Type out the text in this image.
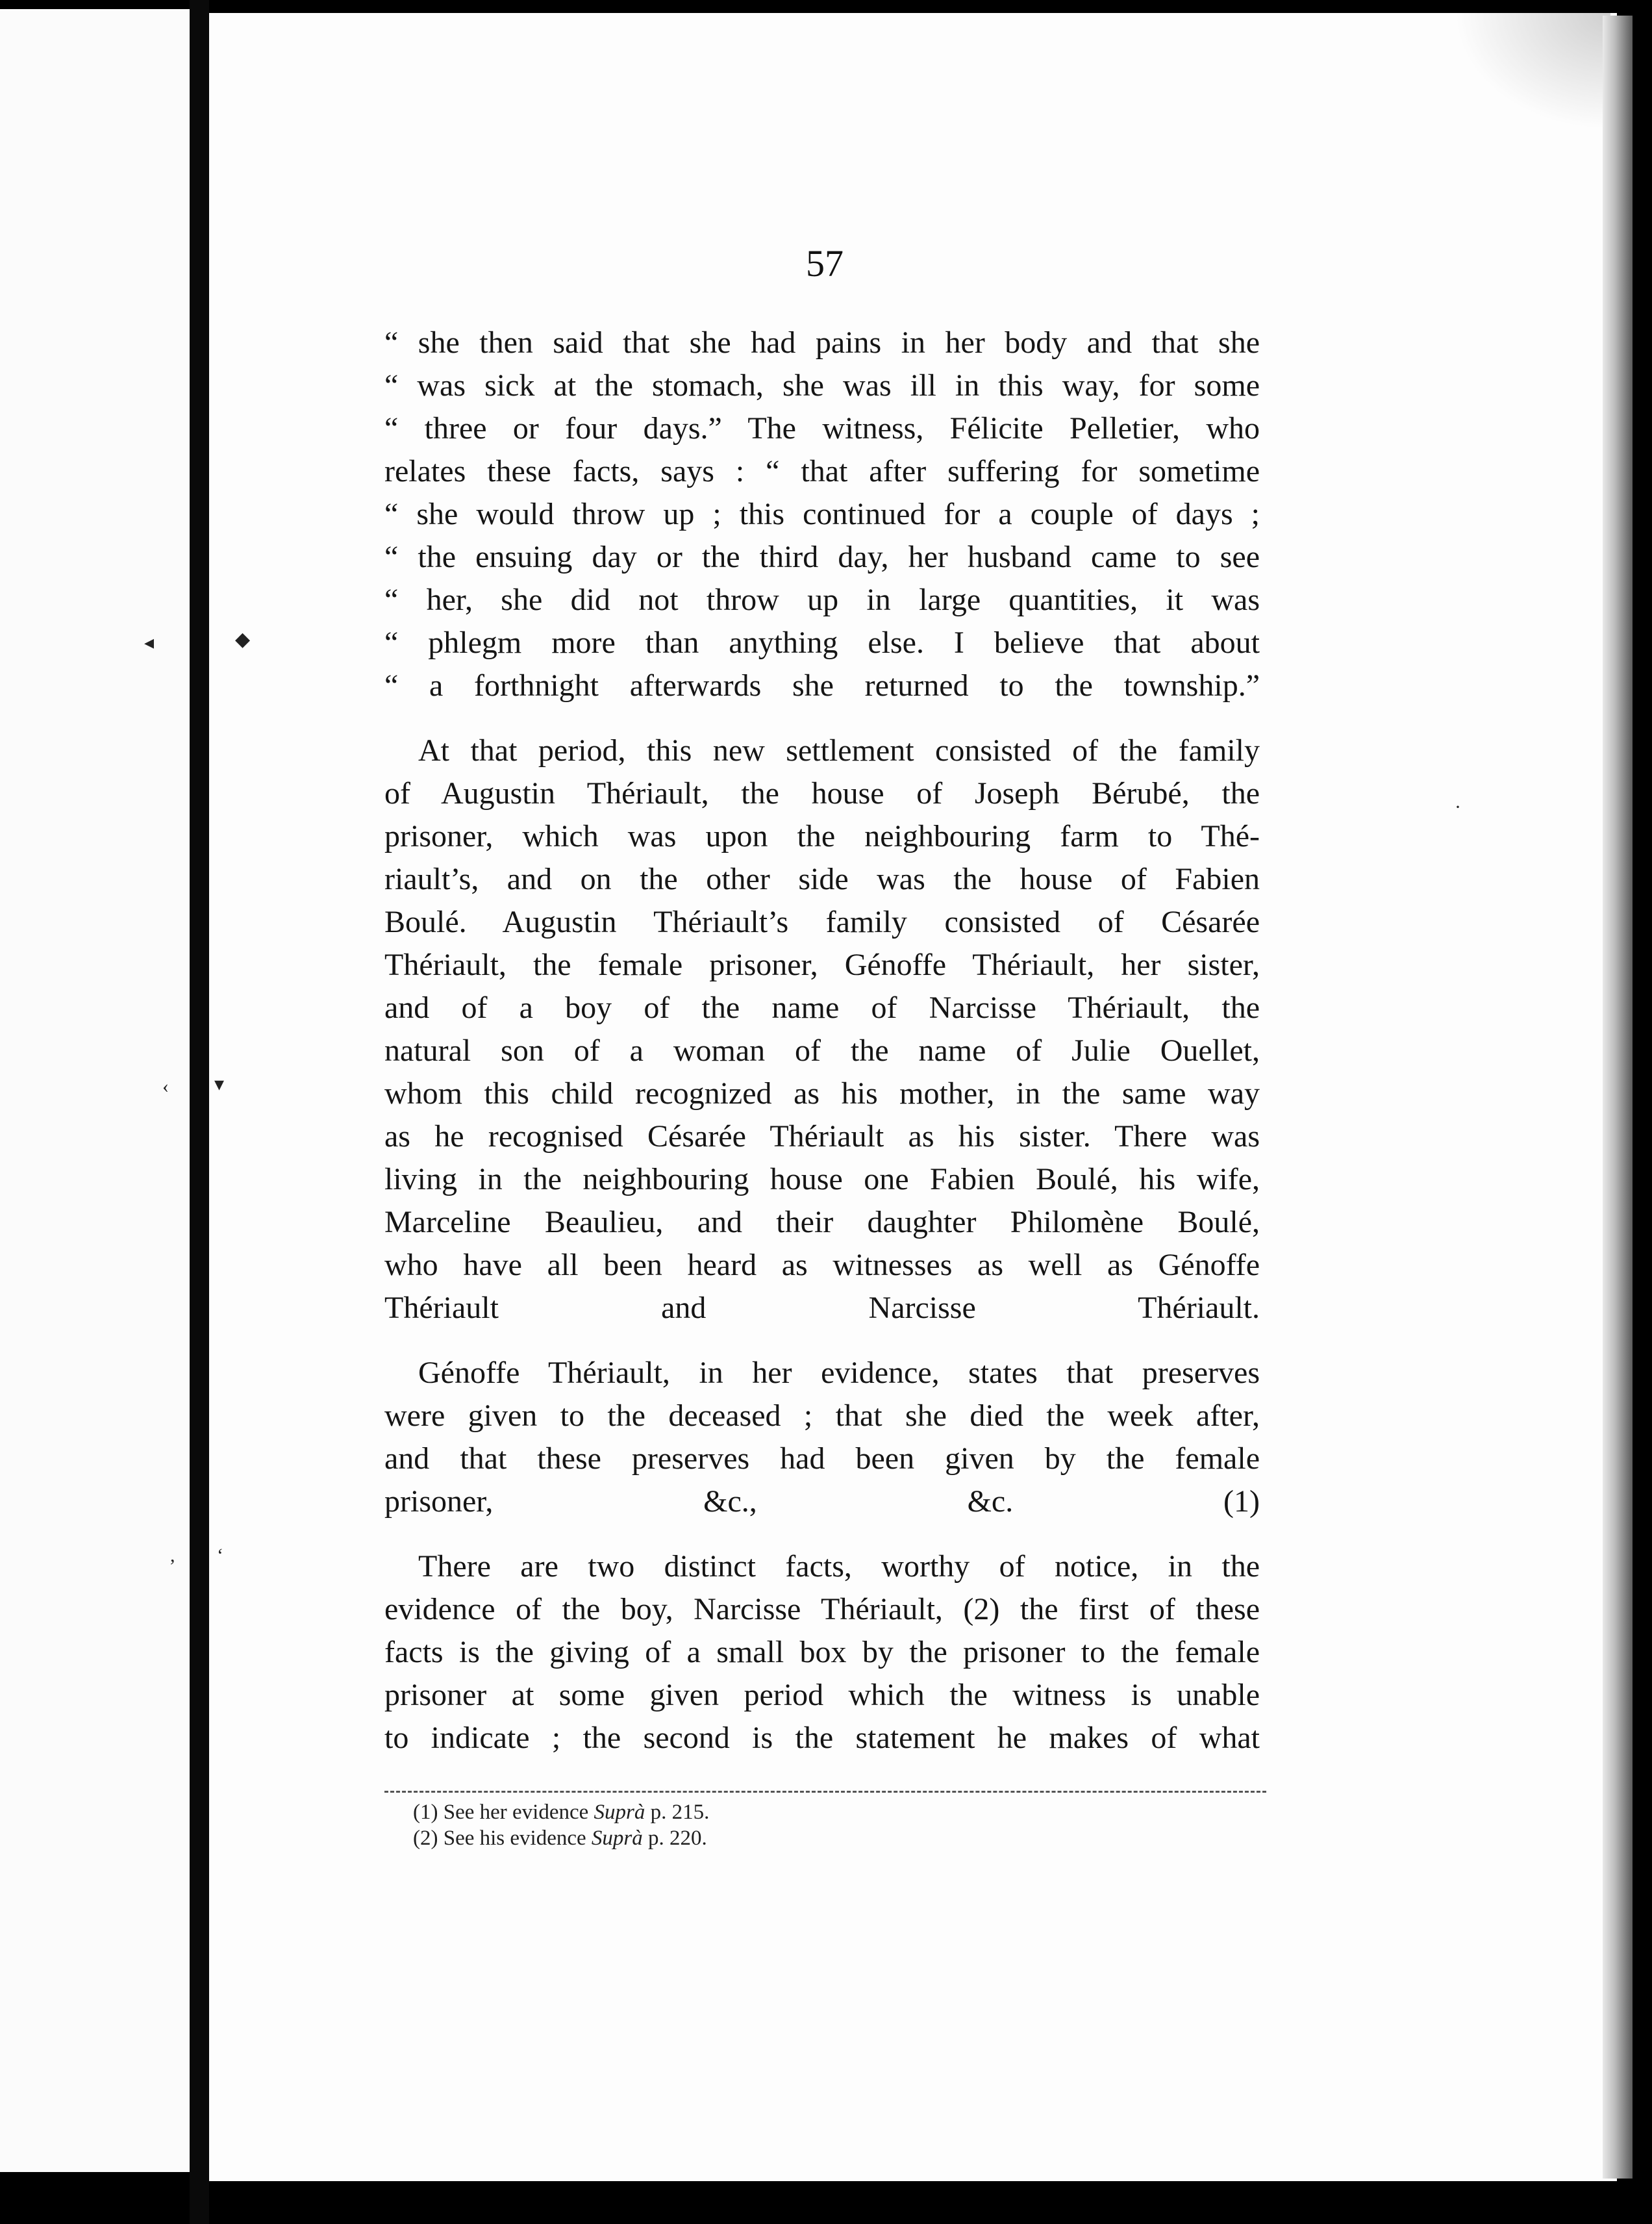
◂	◆
‹ ▾
, ‘
·
57
“ she then said that she had pains in her body and that she
“ was sick at the stomach, she was ill in this way, for some
“ three or four days.” The witness, Félicite Pelletier, who
relates these facts, says : “ that after suffering for sometime
“ she would throw up ; this continued for a couple of days ;
“ the ensuing day or the third day, her husband came to see
“ her, she did not throw up in large quantities, it was
“ phlegm more than anything else. I believe that about
“ a forthnight afterwards she returned to the township.”
At that period, this new settlement consisted of the family
of Augustin Thériault, the house of Joseph Bérubé, the
prisoner, which was upon the neighbouring farm to Thé-
riault’s, and on the other side was the house of Fabien
Boulé. Augustin Thériault’s family consisted of Césarée
Thériault, the female prisoner, Génoffe Thériault, her sister,
and of a boy of the name of Narcisse Thériault, the
natural son of a woman of the name of Julie Ouellet,
whom this child recognized as his mother, in the same way
as he recognised Césarée Thériault as his sister. There was
living in the neighbouring house one Fabien Boulé, his wife,
Marceline Beaulieu, and their daughter Philomène Boulé,
who have all been heard as witnesses as well as Génoffe
Thériault and Narcisse Thériault.
Génoffe Thériault, in her evidence, states that preserves
were given to the deceased ; that she died the week after,
and that these preserves had been given by the female
prisoner, &c., &c. (1)
There are two distinct facts, worthy of notice, in the
evidence of the boy, Narcisse Thériault, (2) the first of these
facts is the giving of a small box by the prisoner to the female
prisoner at some given period which the witness is unable
to indicate ; the second is the statement he makes of what
(1) See her evidence Suprà p. 215.
(2) See his evidence Suprà p. 220.
